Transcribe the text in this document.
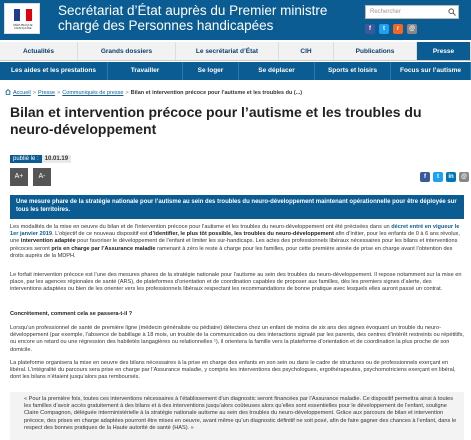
RÉPUBLIQUE FRANÇAISE
Secrétariat d’État auprès du Premier ministre
chargé des Personnes handicapées
Rechercher
f	t	r	@
Actualités	Grands dossiers	Le secrétariat d’État	CIH	Publications	Presse
Les aides et les prestations	Travailler	Se loger	Se déplacer	Sports et loisirs	Focus sur l’autisme
Accueil > Presse > Communiqués de presse > Bilan et intervention précoce pour l’autisme et les troubles du (...)
Bilan et intervention précoce pour l’autisme et les troubles du neuro-développement
publié le :	10.01.19
A+	A-	f	t	in	@
Une mesure phare de la stratégie nationale pour l’autisme au sein des troubles du neuro-développement maintenant opérationnelle pour être déployée sur tous les territoires.

Les modalités de la mise en oeuvre du bilan et de l’intervention précoce pour l’autisme et les troubles du neuro-développement ont été précisées dans un décret entré en vigueur le 1er janvier 2019. L’objectif de ce nouveau dispositif est d’identifier, le plus tôt possible, les troubles du neuro-développement afin d’initier, pour les enfants de 0 à 6 ans révolus, une intervention adaptée pour favoriser le développement de l’enfant et limiter les sur-handicaps. Les actes des professionnels libéraux nécessaires pour les bilans et interventions précoces seront pris en charge par l’Assurance maladie ramenant à zéro le reste à charge pour les familles, pour cette première année de prise en charge avant l’obtention des droits auprès de la MDPH.

Le forfait intervention précoce est l’une des mesures phares de la stratégie nationale pour l’autisme au sein des troubles du neuro-développement. Il repose notamment sur la mise en place, par les agences régionales de santé (ARS), de plateformes d’orientation et de coordination capables de proposer aux familles, dès les premiers signes d’alerte, des interventions adaptées ou bien de les orienter vers les professionnels libéraux respectant les recommandations de bonne pratique avec lesquels elles auront passé un contrat.

Concrètement, comment cela se passera-t-il ?

Lorsqu’un professionnel de santé de première ligne (médecin généraliste ou pédiatre) détectera chez un enfant de moins de six ans des signes évoquant un trouble du neuro-développement (par exemple, l’absence de babillage à 18 mois, un trouble de la communication ou des interactions signalé par les parents, des centres d’intérêt restreints ou répétitifs, ou encore un retard ou une régression des habiletés langagières ou relationnelles ¹), il orientera la famille vers la plateforme d’orientation et de coordination la plus proche de son domicile.

La plateforme organisera la mise en oeuvre des bilans nécessaires à la prise en charge des enfants en son sein ou dans le cadre de structures ou de professionnels exerçant en libéral. L’intégralité du parcours sera prise en charge par l’Assurance maladie, y compris les interventions des psychologues, ergothérapeutes, psychomotriciens exerçant en libéral, dont les bilans n’étaient jusqu’alors pas remboursés.

« Pour la première fois, toutes ces interventions nécessaires à l’établissement d’un diagnostic seront financées par l’Assurance maladie. Ce dispositif permettra ainsi à toutes les familles d’avoir accès gratuitement à des bilans et à des interventions jusqu’alors coûteuses alors qu’elles sont essentielles pour le développement de l’enfant, souligne Claire Compagnon, déléguée interministérielle à la stratégie nationale autisme au sein des troubles du neuro-développement. Grâce aux parcours de bilan et intervention précoce, des prises en charge adaptées pourront être mises en oeuvre, avant même qu’un diagnostic définitif ne soit posé, afin de faire gagner des chances à l’enfant, dans le respect des bonnes pratiques de la Haute autorité de santé (HAS). »
